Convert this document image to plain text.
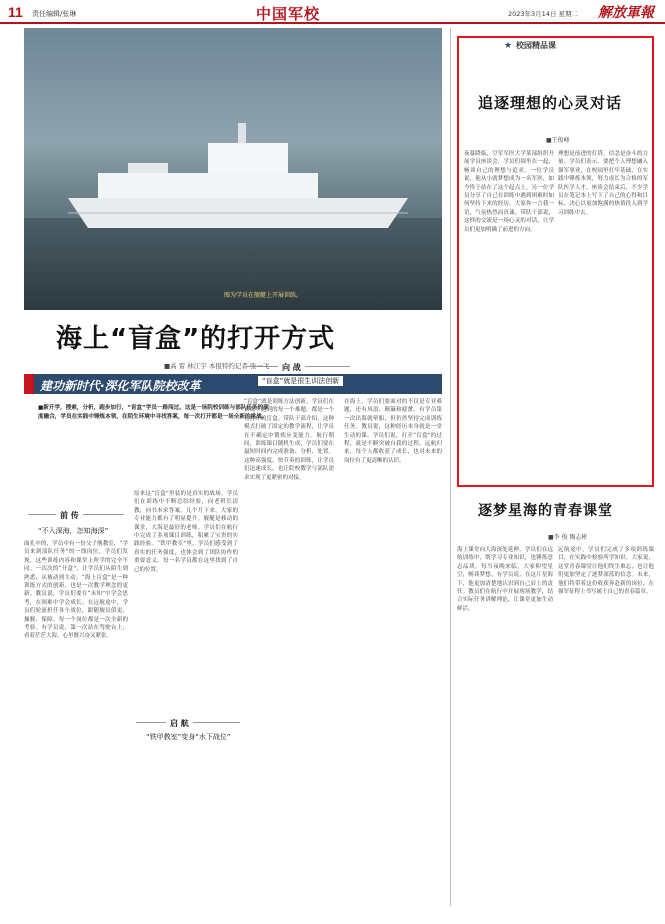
11 责任编辑/张琳	中国军校	2023年3月14日 星期二 解放軍報
图为学员在舰艇上开展训练。
海上“盲盒”的打开方式
■高 雷 林江宇 本报特约记者 张一飞
建功新时代·深化军队院校改革
■新开学，搜索，分析，跑步加行，“盲盒”学员一路闯过。这是一场院校训练与部队任务的深度融合，学员在实践中锤炼本领，在陌生环境中寻找答案，每一次打开都是一场全新的挑战。
前 传
“不入深海，怎知海深”
面孔中的，学员中有一份父子舰教室，“学员来到部队任务”的一线岗位，学员们发现，这些训练内容和课堂上所学的完全不同。一次次的“开盒”，让学员们从陌生到熟悉，从被动到主动。“海上盲盒”是一种训练方式的创新，也是一次教学理念的更新。教员说，学员们要在“未知”中学会思考，在困难中学会成长。在远航途中，学员们轮流担任各个战位，跟随舰员值更、操舰、保障，每一个岗位都是一次全新的考验。有学员说，第一次站在驾驶台上，看着茫茫大海，心里既兴奋又紧张。
原来这“盲盒”里装的是真实的战场。学员们在训练中不断总结经验，向老班长请教，向书本求答案。几个月下来，大家的专业能力都有了明显提升。舰艇是移动的课堂，大海是最好的老师。学员们在航行中完成了多项课目训练，积累了宝贵的实践经验。“铁甲教室”里，学员们感受到了真实的任务强度，也体会到了团队协作的重要意义。每一名学员都在这里找到了自己的位置。
向 战
“盲盒”就是很生训法创新
“盲盒”就是训练方法创新。学员们在训练中遇到的每一个难题，都是一个待打开的盲盒。带队干部介绍，这种模式打破了固定的教学流程，让学员在不确定中锻炼应变能力。航行期间，训练课目随机生成，学员们要在最短时间内完成准备、分析、处置。这种高强度、快节奏的训练，让学员们迅速成长，也让院校教学与部队需求实现了更紧密的对接。
在海上，学员们要面对的不仅是专业难题，还有风浪、颠簸和疲惫。有学员第一次出海就晕船，但仍然坚持完成训练任务。教员说，这种经历本身就是一堂生动的课。学员们说，打开“盲盒”的过程，就是不断突破自我的过程。远航归来，每个人都收获了成长，也对未来的岗位有了更清晰的认识。
启 航
“铁甲教室”变身“水下战位”
★ 校园精品课
追逐理想的心灵对话
■王俊峰
夜幕降临，空军军医大学某部组织开展学员座谈会，学员们围坐在一起，畅谈自己的理想与追求。一位学员说，他从小就梦想成为一名军医，如今终于站在了这个起点上。另一位学员分享了自己在训练中遇到困难时如何坚持下来的经历。大家你一言我一语，气氛热烈而真诚。带队干部说，这样的交流是一场心灵的对话，让学员们更加明确了前进的方向。
理想是前进的灯塔，信念是奋斗的力量。学员们表示，要把个人理想融入强军事业，在校园里打牢基础，在实践中锤炼本领，努力成长为合格的军队医学人才。座谈会结束后，不少学员在笔记本上写下了自己的心得和目标，决心以更加饱满的热情投入到学习训练中去。
逐梦星海的青春课堂
■李 俊 陶志彬
海上课堂向大海深处延伸。学员们在远航训练中，既学习专业知识，也锤炼意志品质。每当夜晚来临，大家仰望星空，畅谈梦想。有学员说，在这片星海下，他更加清楚地认识到自己肩上的责任。教员们在航行中开展现场教学，结合实际任务讲解理论，让课堂更加生动鲜活。
远航途中，学员们完成了多项训练课目，在实践中检验所学知识。大家说，这堂青春课堂让他们终生难忘，也让他们更加坚定了逐梦深蓝的信念。未来，他们将带着这份收获奔赴新的岗位，在强军征程上书写属于自己的青春篇章。
